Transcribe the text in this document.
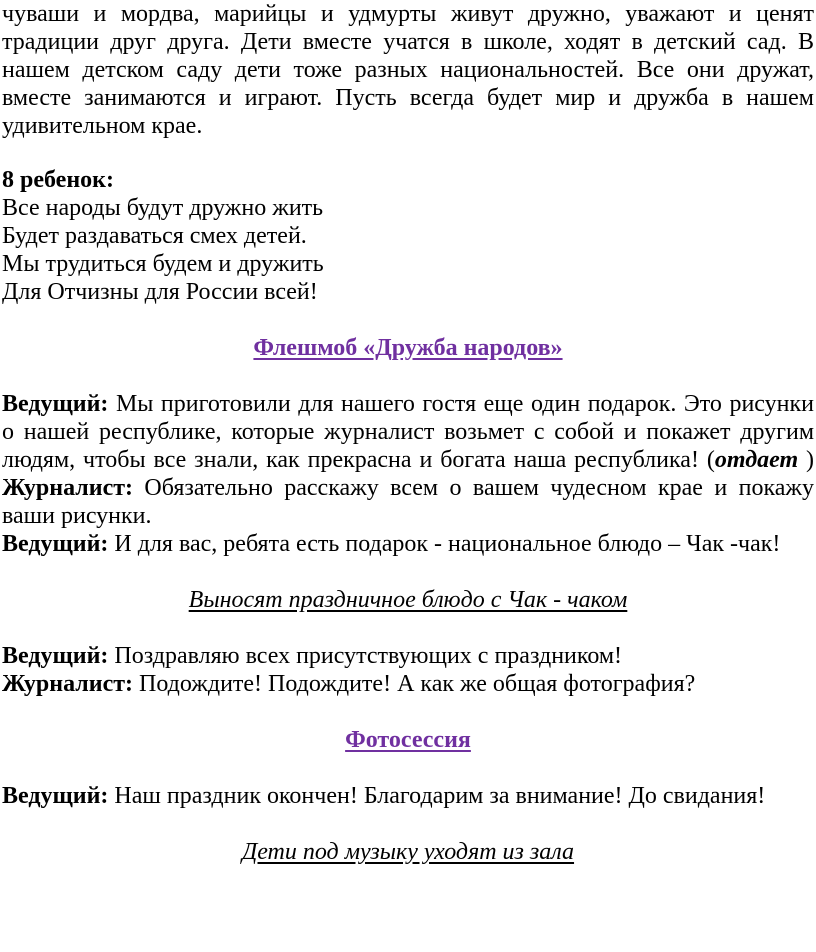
чуваши и мордва, марийцы и удмурты живут дружно, уважают и ценят
традиции друг друга. Дети вместе учатся в школе, ходят в детский сад. В
нашем детском саду дети тоже разных национальностей. Все они дружат,
вместе занимаются и играют. Пусть всегда будет мир и дружба в нашем
удивительном крае.
8 ребенок:
Все народы будут дружно жить
Будет раздаваться смех детей.
Мы трудиться будем и дружить
Для Отчизны для России всей!
Флешмоб «Дружба народов»
Ведущий: Мы приготовили для нашего гостя еще один подарок. Это рисунки
о нашей республике, которые журналист возьмет с собой и покажет другим
людям, чтобы все знали, как прекрасна и богата наша республика! (отдает )
Журналист: Обязательно расскажу всем о вашем чудесном крае и покажу
ваши рисунки.
Ведущий: И для вас, ребята есть подарок - национальное блюдо – Чак -чак!
Выносят праздничное блюдо с Чак - чаком
Ведущий: Поздравляю всех присутствующих с праздником!
Журналист: Подождите! Подождите! А как же общая фотография?
Фотосессия
Ведущий: Наш праздник окончен! Благодарим за внимание! До свидания!
Дети под музыку уходят из зала
